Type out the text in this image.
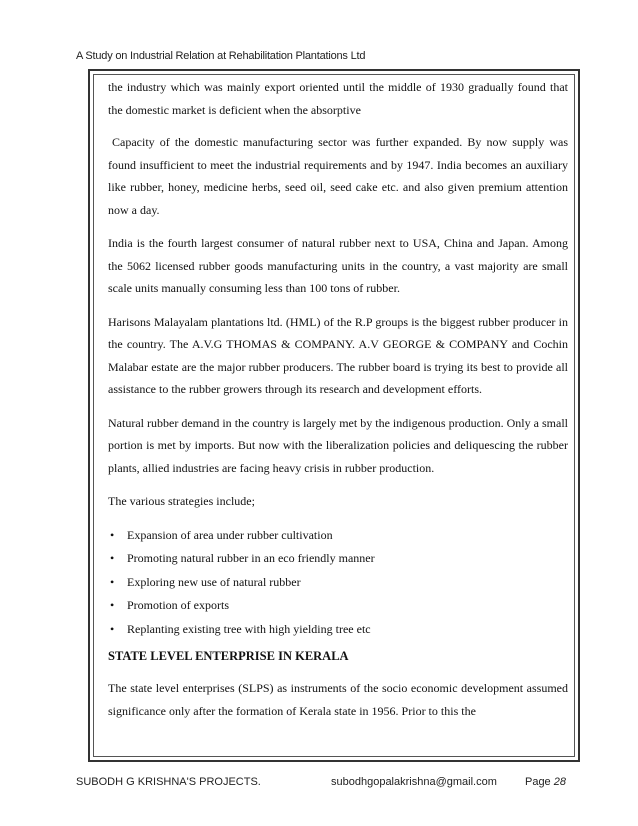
A Study on Industrial Relation at Rehabilitation Plantations Ltd

the industry which was mainly export oriented until the middle of 1930 gradually found that the domestic market is deficient when the absorptive

Capacity of the domestic manufacturing sector was further expanded. By now supply was found insufficient to meet the industrial requirements and by 1947. India becomes an auxiliary like rubber, honey, medicine herbs, seed oil, seed cake etc. and also given premium attention now a day.

India is the fourth largest consumer of natural rubber next to USA, China and Japan. Among the 5062 licensed rubber goods manufacturing units in the country, a vast majority are small scale units manually consuming less than 100 tons of rubber.

Harisons Malayalam plantations ltd. (HML) of the R.P groups is the biggest rubber producer in the country. The A.V.G THOMAS & COMPANY. A.V GEORGE & COMPANY and Cochin Malabar estate are the major rubber producers. The rubber board is trying its best to provide all assistance to the rubber growers through its research and development efforts.

Natural rubber demand in the country is largely met by the indigenous production. Only a small portion is met by imports. But now with the liberalization policies and deliquescing the rubber plants, allied industries are facing heavy crisis in rubber production.

The various strategies include;

• Expansion of area under rubber cultivation
• Promoting natural rubber in an eco friendly manner
• Exploring new use of natural rubber
• Promotion of exports
• Replanting existing tree with high yielding tree etc
STATE LEVEL ENTERPRISE IN KERALA

The state level enterprises (SLPS) as instruments of the socio economic development assumed significance only after the formation of Kerala state in 1956. Prior to this the

SUBODH G KRISHNA'S PROJECTS.	subodhgopalakrishna@gmail.com	Page 28
